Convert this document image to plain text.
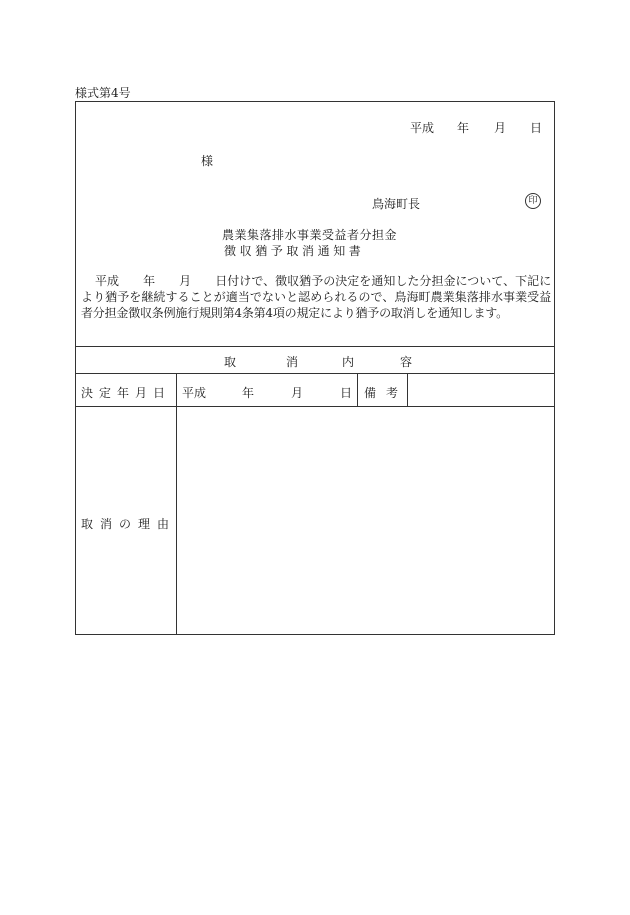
様式第4号
平成 年 月 日
様
鳥海町長	印
農業集落排水事業受益者分担金
徴収猶予取消通知書
平成　　年　　月　　日付けで、徴収猶予の決定を通知した分担金について、下記により猶予を継続することが適当でないと認められるので、鳥海町農業集落排水事業受益者分担金徴収条例施行規則第4条第4項の規定により猶予の取消しを通知します。
取	消	内	容
決定年月日 平成	年	月	日 備考
取消の理由
